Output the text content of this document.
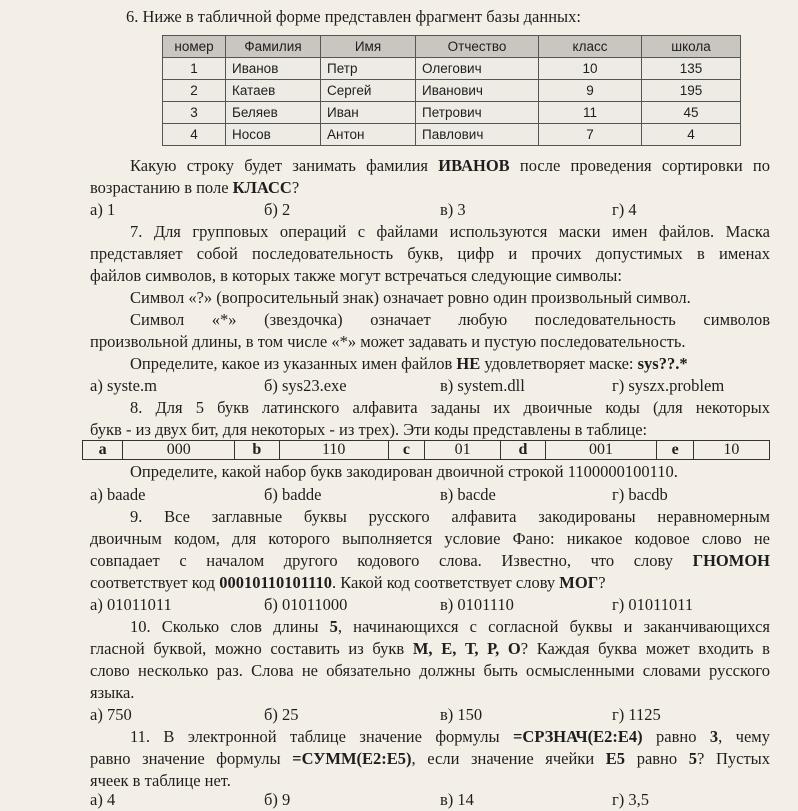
6. Ниже в табличной форме представлен фрагмент базы данных:
номер	Фамилия	Имя	Отчество	класс	школа
1	Иванов	Петр	Олегович	10	135
2	Катаев	Сергей	Иванович	9	195
3	Беляев	Иван	Петрович	11	45
4	Носов	Антон	Павлович	7	4
Какую строку будет занимать фамилия ИВАНОВ после проведения сортировки по
возрастанию в поле КЛАСС?
а) 1	б) 2	в) 3	г) 4
7. Для групповых операций с файлами используются маски имен файлов. Маска
представляет собой последовательность букв, цифр и прочих допустимых в именах
файлов символов, в которых также могут встречаться следующие символы:
Символ «?» (вопросительный знак) означает ровно один произвольный символ.
Символ «*» (звездочка) означает любую последовательность символов
произвольной длины, в том числе «*» может задавать и пустую последовательность.
Определите, какое из указанных имен файлов НЕ удовлетворяет маске: sys??.*
а) syste.m	б) sys23.exe	в) system.dll	г) syszx.problem
8. Для 5 букв латинского алфавита заданы их двоичные коды (для некоторых
букв - из двух бит, для некоторых - из трех). Эти коды представлены в таблице:
a	000	b	110	c	01	d	001	e	10
Определите, какой набор букв закодирован двоичной строкой 1100000100110.
а) baade	б) badde	в) bacde	г) bacdb
9. Все заглавные буквы русского алфавита закодированы неравномерным
двоичным кодом, для которого выполняется условие Фано: никакое кодовое слово не
совпадает с началом другого кодового слова. Известно, что слову ГНОМОН
соответствует код 00010110101110. Какой код соответствует слову МОГ?
а) 01011011	б) 01011000	в) 0101110	г) 01011011
10. Сколько слов длины 5, начинающихся с согласной буквы и заканчивающихся
гласной буквой, можно составить из букв М, Е, Т, Р, О? Каждая буква может входить в
слово несколько раз. Слова не обязательно должны быть осмысленными словами русского
языка.
а) 750	б) 25	в) 150	г) 1125
11. В электронной таблице значение формулы =СРЗНАЧ(E2:E4) равно 3, чему
равно значение формулы =СУММ(E2:E5), если значение ячейки E5 равно 5? Пустых
ячеек в таблице нет.
а) 4	б) 9	в) 14	г) 3,5
